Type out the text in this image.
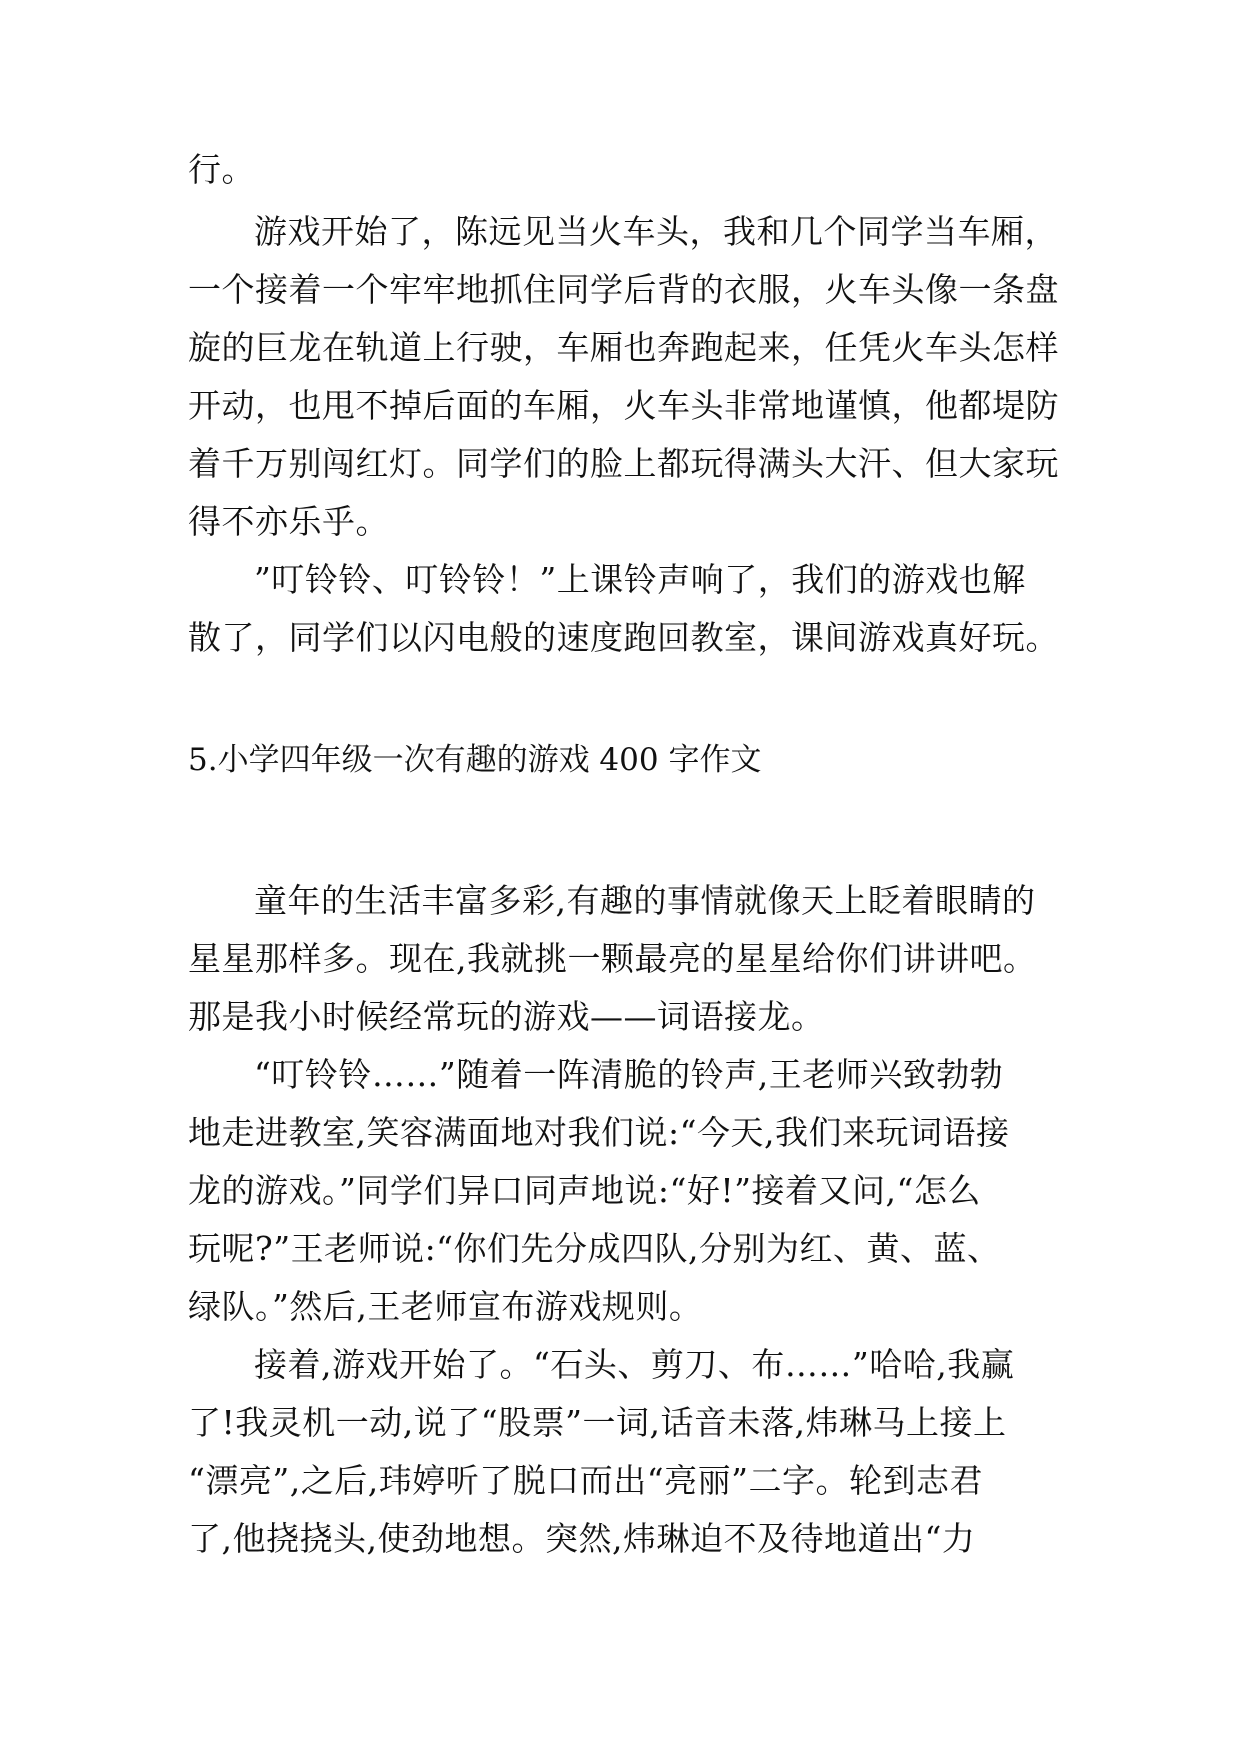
行。
游戏开始了，陈远见当火车头，我和几个同学当车厢，
一个接着一个牢牢地抓住同学后背的衣服，火车头像一条盘
旋的巨龙在轨道上行驶，车厢也奔跑起来，任凭火车头怎样
开动，也甩不掉后面的车厢，火车头非常地谨慎，他都堤防
着千万别闯红灯。同学们的脸上都玩得满头大汗、但大家玩
得不亦乐乎。
”叮铃铃、叮铃铃！”上课铃声响了，我们的游戏也解
散了，同学们以闪电般的速度跑回教室，课间游戏真好玩。
5.小学四年级一次有趣的游戏 400 字作文
童年的生活丰富多彩,有趣的事情就像天上眨着眼睛的
星星那样多。现在,我就挑一颗最亮的星星给你们讲讲吧。
那是我小时候经常玩的游戏——词语接龙。
“叮铃铃……”随着一阵清脆的铃声,王老师兴致勃勃
地走进教室,笑容满面地对我们说:“今天,我们来玩词语接
龙的游戏。”同学们异口同声地说:“好!”接着又问,“怎么
玩呢?”王老师说:“你们先分成四队,分别为红、黄、蓝、
绿队。”然后,王老师宣布游戏规则。
接着,游戏开始了。“石头、剪刀、布……”哈哈,我赢
了!我灵机一动,说了“股票”一词,话音未落,炜琳马上接上
“漂亮”,之后,玮婷听了脱口而出“亮丽”二字。轮到志君
了,他挠挠头,使劲地想。突然,炜琳迫不及待地道出“力
